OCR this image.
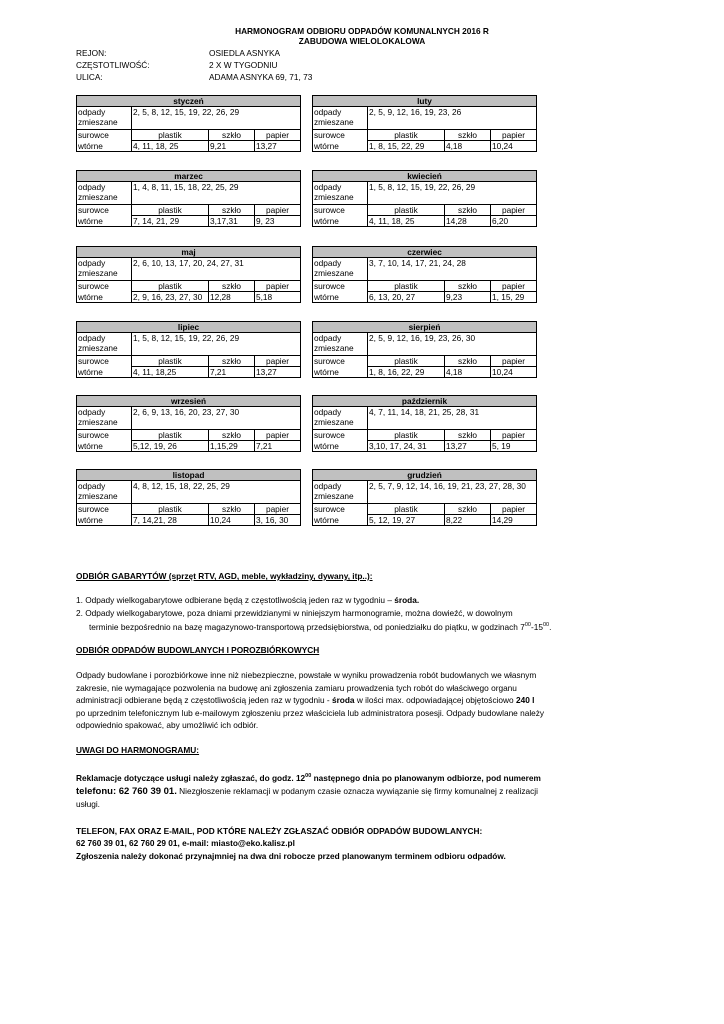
HARMONOGRAM ODBIORU ODPADÓW KOMUNALNYCH 2016 R
ZABUDOWA WIELOLOKALOWA
REJON:	OSIEDLA ASNYKA
CZĘSTOTLIWOŚĆ:	2 X W TYGODNIU
ULICA:	ADAMA ASNYKA 69, 71, 73
styczeń			
odpady
zmieszane	2, 5, 8, 12, 15, 19, 22, 26, 29		
surowce	plastik	szkło	papier
wtórne	4, 11, 18, 25	9,21	13,27
luty			
odpady
zmieszane	2, 5, 9, 12, 16, 19, 23, 26		
surowce	plastik	szkło	papier
wtórne	1, 8, 15, 22, 29	4,18	10,24
marzec			
odpady
zmieszane	1, 4, 8, 11, 15, 18, 22, 25, 29		
surowce	plastik	szkło	papier
wtórne	7, 14, 21, 29	3,17,31	9, 23
kwiecień			
odpady
zmieszane	1, 5, 8, 12, 15, 19, 22, 26, 29		
surowce	plastik	szkło	papier
wtórne	4, 11, 18, 25	14,28	6,20
maj			
odpady
zmieszane	2, 6, 10, 13, 17, 20, 24, 27, 31		
surowce	plastik	szkło	papier
wtórne	2, 9, 16, 23, 27, 30	12,28	5,18
czerwiec			
odpady
zmieszane	3, 7, 10, 14, 17, 21, 24, 28		
surowce	plastik	szkło	papier
wtórne	6, 13, 20, 27	9,23	1, 15, 29
lipiec			
odpady
zmieszane	1, 5, 8, 12, 15, 19, 22, 26, 29		
surowce	plastik	szkło	papier
wtórne	4, 11, 18,25	7,21	13,27
sierpień			
odpady
zmieszane	2, 5, 9, 12, 16, 19, 23, 26, 30		
surowce	plastik	szkło	papier
wtórne	1, 8, 16, 22, 29	4,18	10,24
wrzesień			
odpady
zmieszane	2, 6, 9, 13, 16, 20, 23, 27, 30		
surowce	plastik	szkło	papier
wtórne	5,12, 19, 26	1,15,29	7,21
październik			
odpady
zmieszane	4, 7, 11, 14, 18, 21, 25, 28, 31		
surowce	plastik	szkło	papier
wtórne	3,10, 17, 24, 31	13,27	5, 19
listopad			
odpady
zmieszane	4, 8, 12, 15, 18, 22, 25, 29		
surowce	plastik	szkło	papier
wtórne	7, 14,21, 28	10,24	3, 16, 30
grudzień			
odpady
zmieszane	2, 5, 7, 9, 12, 14, 16, 19, 21, 23, 27, 28, 30		
surowce	plastik	szkło	papier
wtórne	5, 12, 19, 27	8,22	14,29
ODBIÓR GABARYTÓW (sprzęt RTV, AGD, meble, wykładziny, dywany, itp..):
1. Odpady wielkogabarytowe odbierane będą z częstotliwością jeden raz w tygodniu – środa.
2. Odpady wielkogabarytowe, poza dniami przewidzianymi w niniejszym harmonogramie, można dowieźć, w dowolnym
terminie bezpośrednio na bazę magazynowo-transportową przedsiębiorstwa, od poniedziałku do piątku, w godzinach $7^{00}-15^{00}$.
ODBIÓR ODPADÓW BUDOWLANYCH I POROZBIÓRKOWYCH
Odpady budowlane i porozbiórkowe inne niż niebezpieczne, powstałe w wyniku prowadzenia robót budowlanych we własnym
zakresie, nie wymagające pozwolenia na budowę ani zgłoszenia zamiaru prowadzenia tych robót do właściwego organu
administracji odbierane będą z częstotliwością jeden raz w tygodniu - środa w ilości max. odpowiadającej objętościowo 240 l
po uprzednim telefonicznym lub e-mailowym zgłoszeniu przez właściciela lub administratora posesji. Odpady budowlane należy
odpowiednio spakować, aby umożliwić ich odbiór.
UWAGI DO HARMONOGRAMU:
Reklamacje dotyczące usługi należy zgłaszać, do godz. $12^{00}$ następnego dnia po planowanym odbiorze, pod numerem
telefonu: 62 760 39 01. Niezgłoszenie reklamacji w podanym czasie oznacza wywiązanie się firmy komunalnej z realizacji
usługi.
TELEFON, FAX ORAZ E-MAIL, POD KTÓRE NALEŻY ZGŁASZAĆ ODBIÓR ODPADÓW BUDOWLANYCH:
62 760 39 01, 62 760 29 01, e-mail: miasto@eko.kalisz.pl
Zgłoszenia należy dokonać przynajmniej na dwa dni robocze przed planowanym terminem odbioru odpadów.
